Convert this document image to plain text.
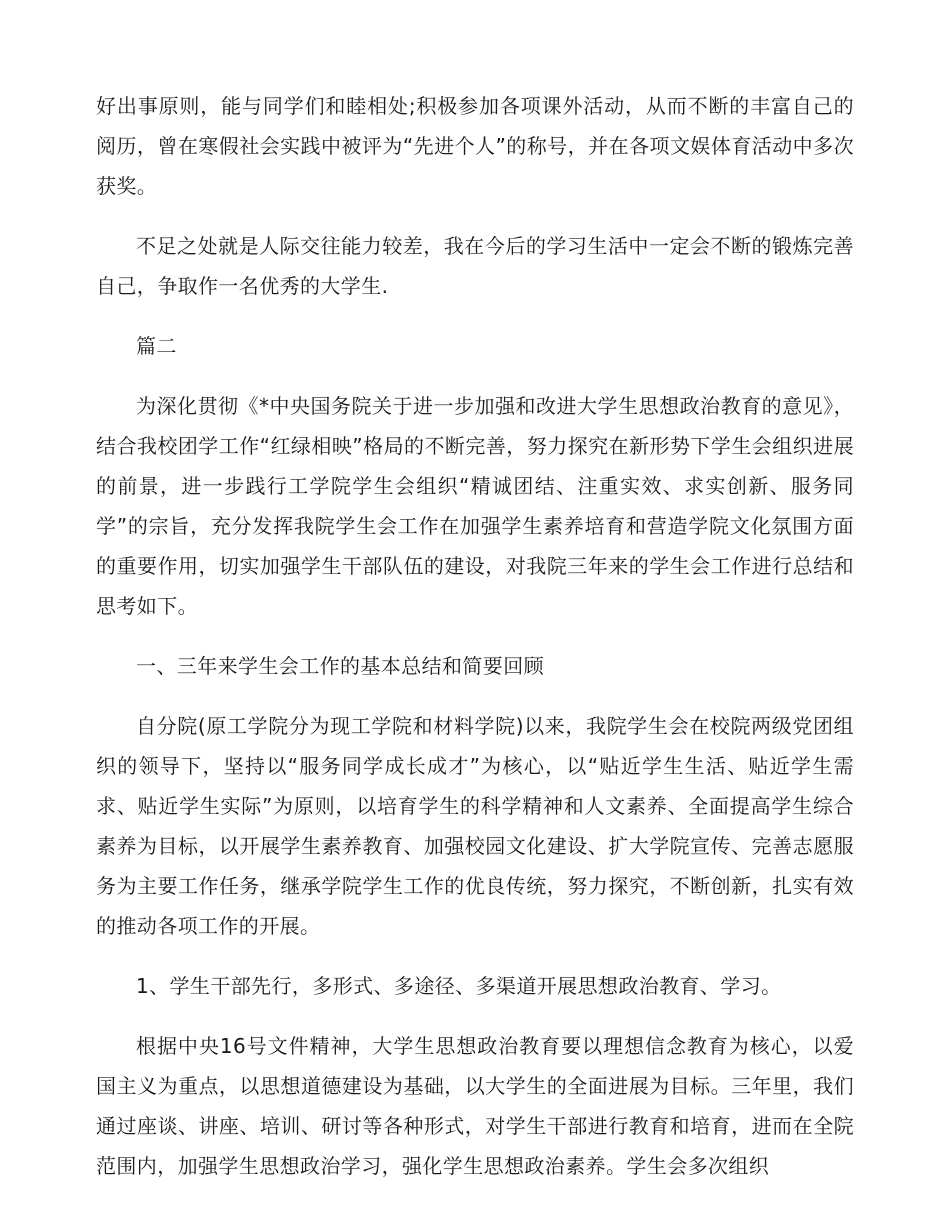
好出事原则，能与同学们和睦相处;积极参加各项课外活动，从而不断的丰富自己的阅历，曾在寒假社会实践中被评为“先进个人”的称号，并在各项文娱体育活动中多次获奖。

不足之处就是人际交往能力较差，我在今后的学习生活中一定会不断的锻炼完善自己，争取作一名优秀的大学生.

篇二

为深化贯彻《*中央国务院关于进一步加强和改进大学生思想政治教育的意见》，结合我校团学工作“红绿相映”格局的不断完善，努力探究在新形势下学生会组织进展的前景，进一步践行工学院学生会组织“精诚团结、注重实效、求实创新、服务同学”的宗旨，充分发挥我院学生会工作在加强学生素养培育和营造学院文化氛围方面的重要作用，切实加强学生干部队伍的建设，对我院三年来的学生会工作进行总结和思考如下。

一、三年来学生会工作的基本总结和简要回顾

自分院(原工学院分为现工学院和材料学院)以来，我院学生会在校院两级党团组织的领导下，坚持以“服务同学成长成才”为核心，以“贴近学生生活、贴近学生需求、贴近学生实际”为原则，以培育学生的科学精神和人文素养、全面提高学生综合素养为目标，以开展学生素养教育、加强校园文化建设、扩大学院宣传、完善志愿服务为主要工作任务，继承学院学生工作的优良传统，努力探究，不断创新，扎实有效的推动各项工作的开展。

1、学生干部先行，多形式、多途径、多渠道开展思想政治教育、学习。

根据中央16号文件精神，大学生思想政治教育要以理想信念教育为核心，以爱国主义为重点，以思想道德建设为基础，以大学生的全面进展为目标。三年里，我们通过座谈、讲座、培训、研讨等各种形式，对学生干部进行教育和培育，进而在全院范围内，加强学生思想政治学习，强化学生思想政治素养。学生会多次组织
